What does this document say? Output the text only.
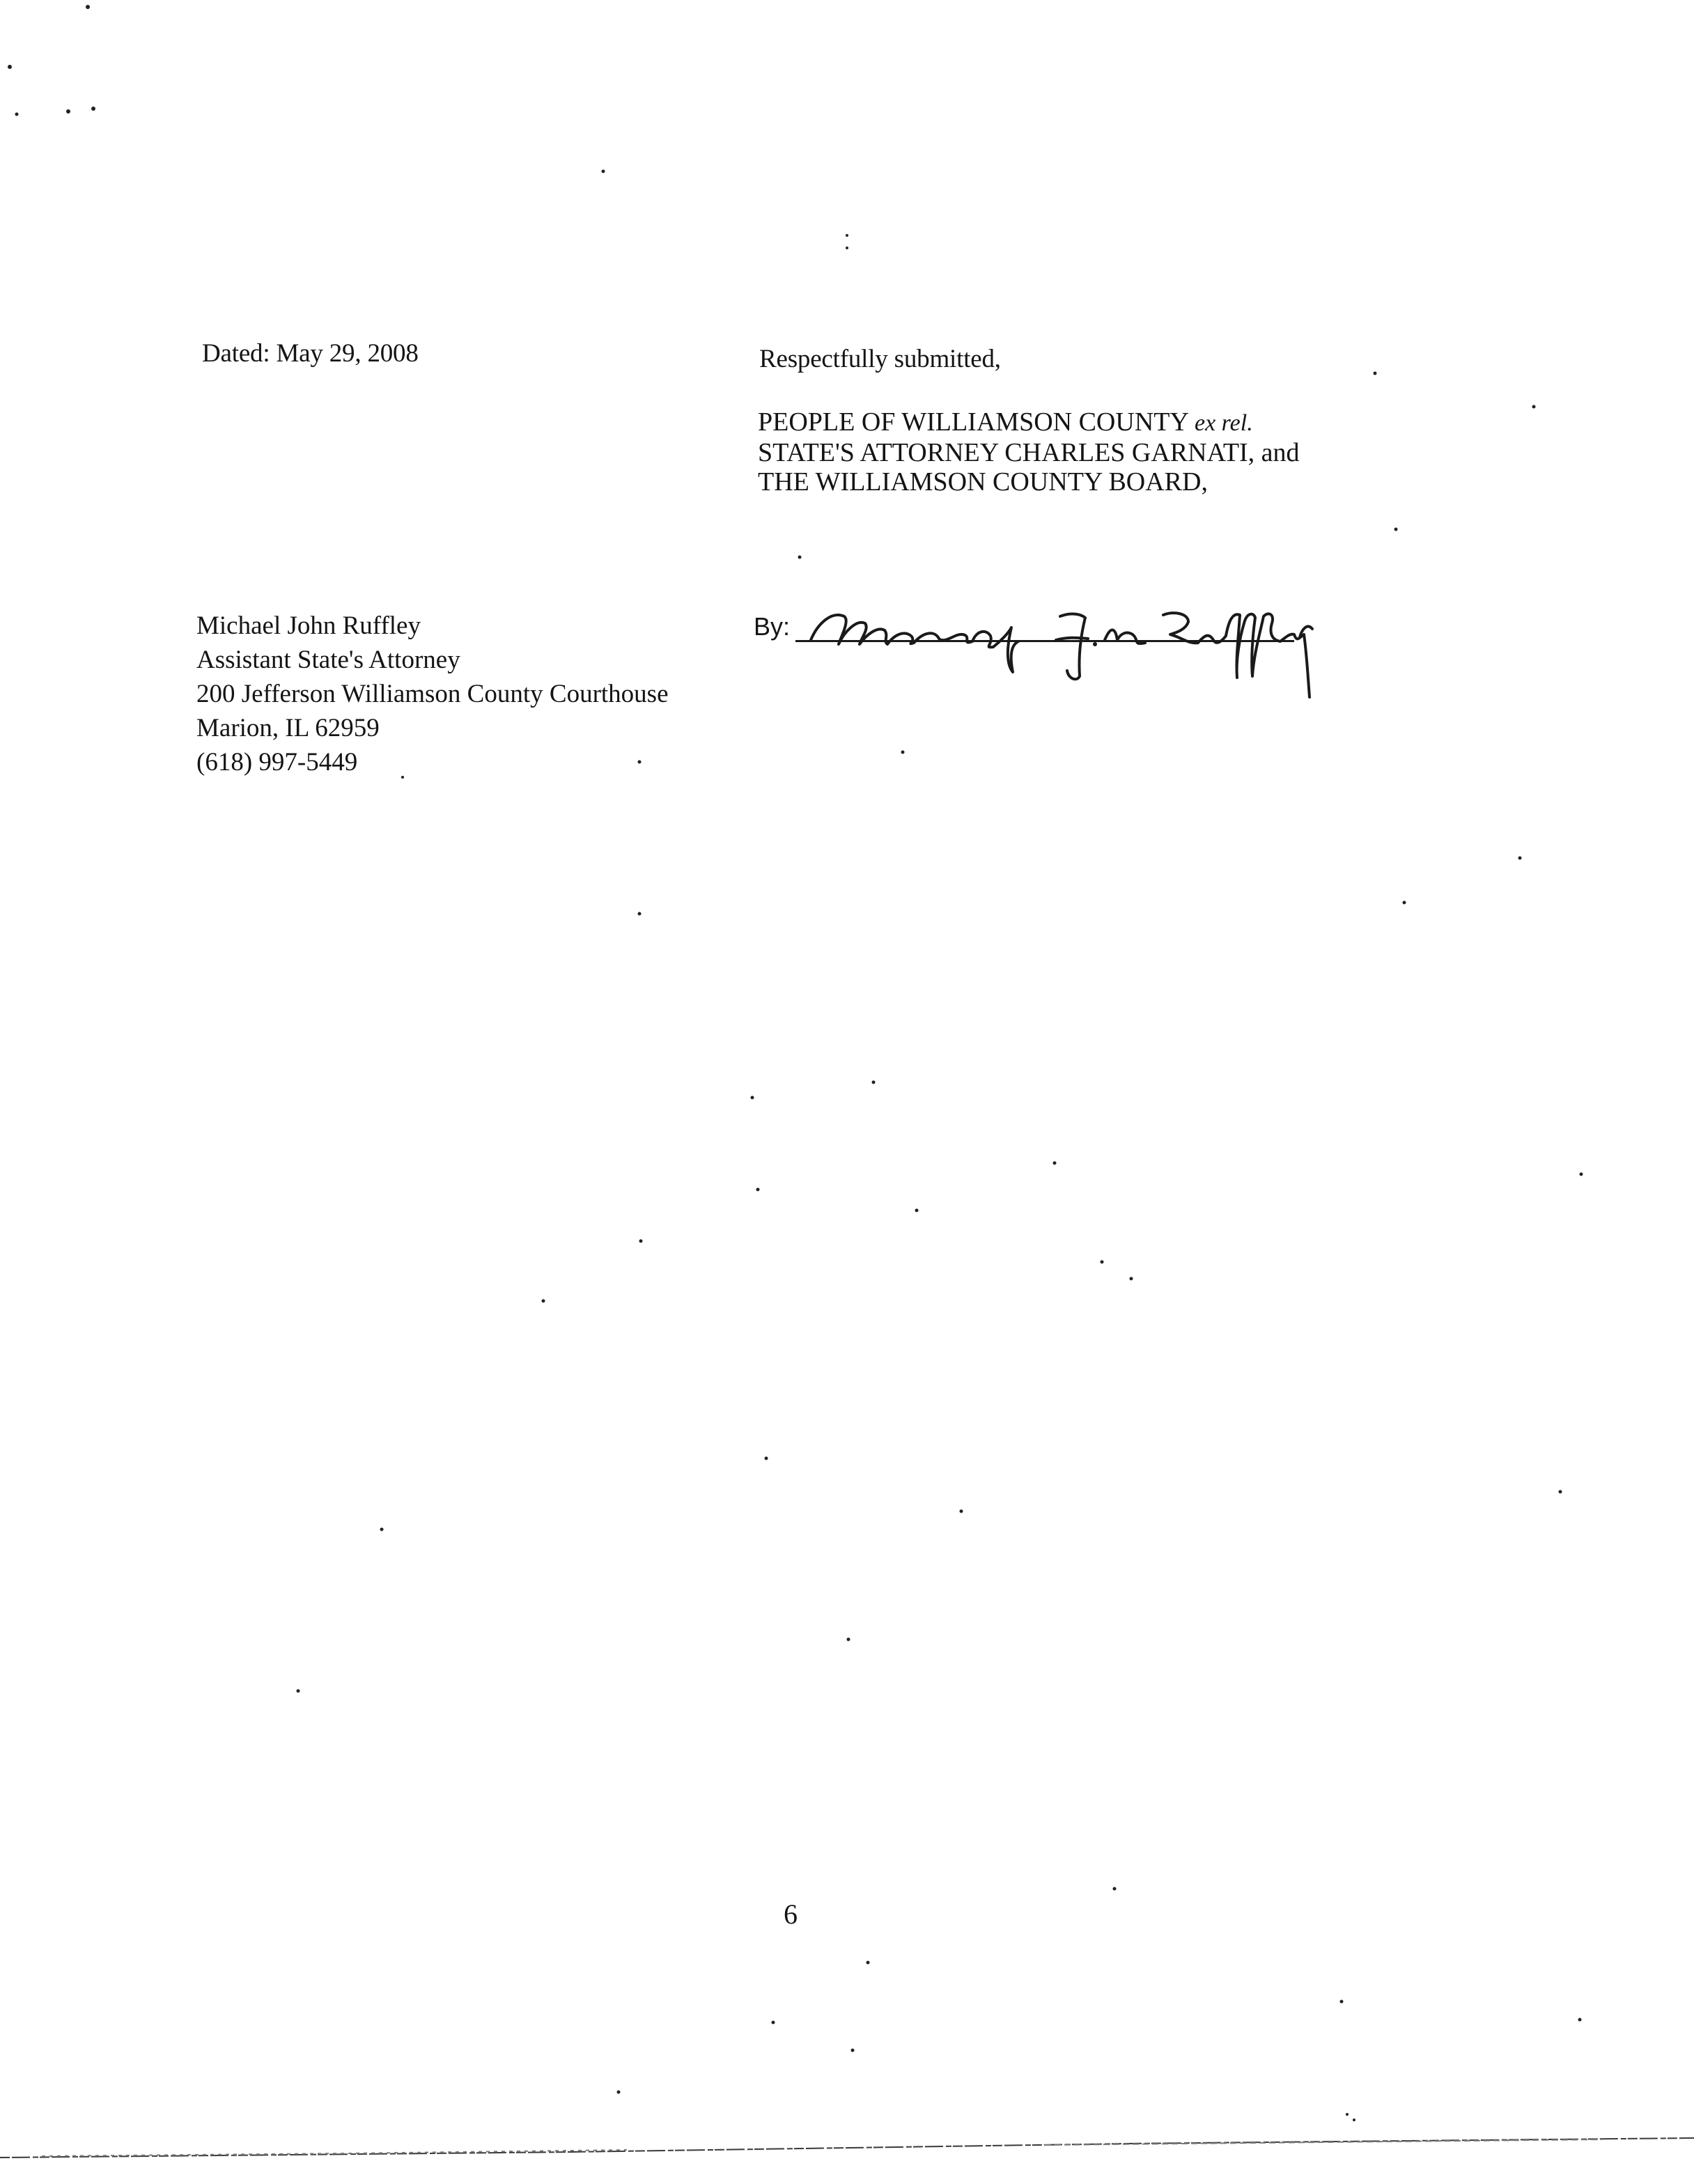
Dated: May 29, 2008	Respectfully submitted,
PEOPLE OF WILLIAMSON COUNTY ex rel.
STATE'S ATTORNEY CHARLES GARNATI, and
THE WILLIAMSON COUNTY BOARD,
Michael John Ruffley
Assistant State's Attorney
200 Jefferson Williamson County Courthouse
Marion, IL 62959
(618) 997-5449
By:
6
